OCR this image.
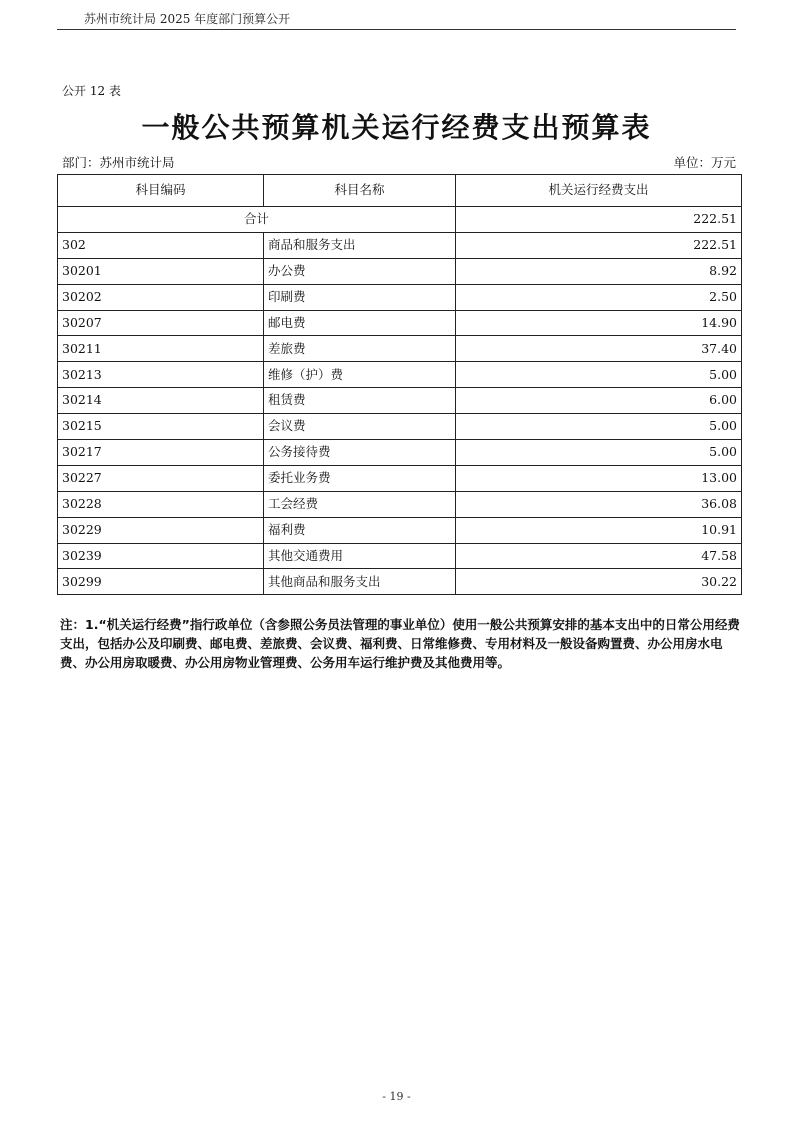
苏州市统计局 2025 年度部门预算公开
公开 12 表
一般公共预算机关运行经费支出预算表
部门：苏州市统计局	单位：万元
科目编码	科目名称	机关运行经费支出
合计		222.51
302	商品和服务支出	222.51
30201	办公费	8.92
30202	印刷费	2.50
30207	邮电费	14.90
30211	差旅费	37.40
30213	维修（护）费	5.00
30214	租赁费	6.00
30215	会议费	5.00
30217	公务接待费	5.00
30227	委托业务费	13.00
30228	工会经费	36.08
30229	福利费	10.91
30239	其他交通费用	47.58
30299	其他商品和服务支出	30.22
注：1.“机关运行经费”指行政单位（含参照公务员法管理的事业单位）使用一般公共预算安排的基本支出中的日常公用经费支出，包括办公及印刷费、邮电费、差旅费、会议费、福利费、日常维修费、专用材料及一般设备购置费、办公用房水电费、办公用房取暖费、办公用房物业管理费、公务用车运行维护费及其他费用等。
- 19 -
